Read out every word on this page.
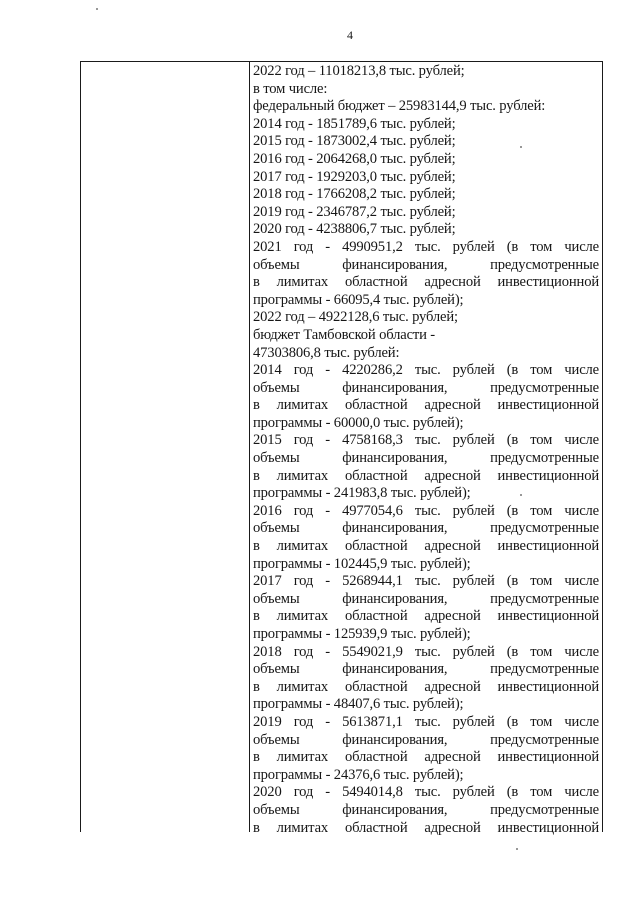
4
2022 год – 11018213,8 тыс. рублей;
в том числе:
федеральный бюджет – 25983144,9 тыс. рублей:
2014 год - 1851789,6 тыс. рублей;
2015 год - 1873002,4 тыс. рублей;
2016 год - 2064268,0 тыс. рублей;
2017 год - 1929203,0 тыс. рублей;
2018 год - 1766208,2 тыс. рублей;
2019 год - 2346787,2 тыс. рублей;
2020 год - 4238806,7 тыс. рублей;
2021 год - 4990951,2 тыс. рублей (в том числе
объемы финансирования, предусмотренные
в лимитах областной адресной инвестиционной
программы - 66095,4 тыс. рублей);
2022 год – 4922128,6 тыс. рублей;
бюджет Тамбовской области -
47303806,8 тыс. рублей:
2014 год - 4220286,2 тыс. рублей (в том числе
объемы финансирования, предусмотренные
в лимитах областной адресной инвестиционной
программы - 60000,0 тыс. рублей);
2015 год - 4758168,3 тыс. рублей (в том числе
объемы финансирования, предусмотренные
в лимитах областной адресной инвестиционной
программы - 241983,8 тыс. рублей);
2016 год - 4977054,6 тыс. рублей (в том числе
объемы финансирования, предусмотренные
в лимитах областной адресной инвестиционной
программы - 102445,9 тыс. рублей);
2017 год - 5268944,1 тыс. рублей (в том числе
объемы финансирования, предусмотренные
в лимитах областной адресной инвестиционной
программы - 125939,9 тыс. рублей);
2018 год - 5549021,9 тыс. рублей (в том числе
объемы финансирования, предусмотренные
в лимитах областной адресной инвестиционной
программы - 48407,6 тыс. рублей);
2019 год - 5613871,1 тыс. рублей (в том числе
объемы финансирования, предусмотренные
в лимитах областной адресной инвестиционной
программы - 24376,6 тыс. рублей);
2020 год - 5494014,8 тыс. рублей (в том числе
объемы финансирования, предусмотренные
в лимитах областной адресной инвестиционной
